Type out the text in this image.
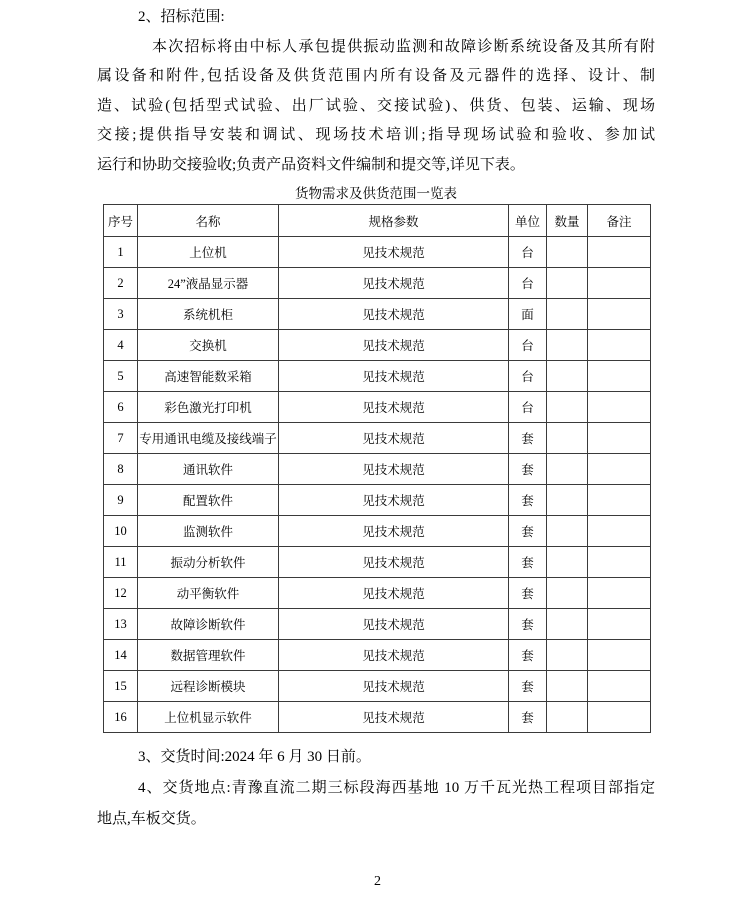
2、招标范围:
本次招标将由中标人承包提供振动监测和故障诊断系统设备及其所有附
属设备和附件,包括设备及供货范围内所有设备及元器件的选择、设计、制
造、试验(包括型式试验、出厂试验、交接试验)、供货、包装、运输、现场
交接;提供指导安装和调试、现场技术培训;指导现场试验和验收、参加试
运行和协助交接验收;负责产品资料文件编制和提交等,详见下表。
货物需求及供货范围一览表
序号	名称	规格参数	单位	数量	备注
1	上位机	见技术规范	台		
2	24”液晶显示器	见技术规范	台		
3	系统机柜	见技术规范	面		
4	交换机	见技术规范	台		
5	高速智能数采箱	见技术规范	台		
6	彩色激光打印机	见技术规范	台		
7	专用通讯电缆及接线端子	见技术规范	套		
8	通讯软件	见技术规范	套		
9	配置软件	见技术规范	套		
10	监测软件	见技术规范	套		
11	振动分析软件	见技术规范	套		
12	动平衡软件	见技术规范	套		
13	故障诊断软件	见技术规范	套		
14	数据管理软件	见技术规范	套		
15	远程诊断模块	见技术规范	套		
16	上位机显示软件	见技术规范	套		
3、交货时间:2024 年 6 月 30 日前。
4、交货地点:青豫直流二期三标段海西基地 10 万千瓦光热工程项目部指定
地点,车板交货。
2
